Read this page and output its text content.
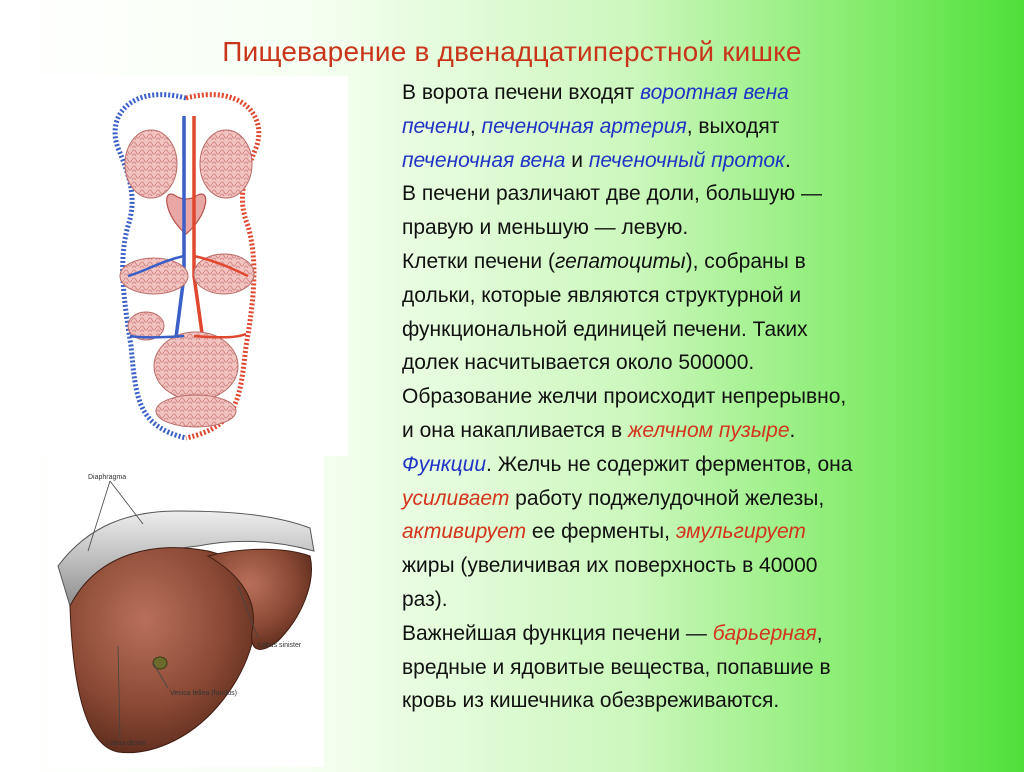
Пищеварение в двенадцатиперстной кишке
Diaphragma
Lobus sinister
Vesica fellea (fundus)
Lobus dexter

В ворота печени входят воротная вена

печени, печеночная артерия, выходят

печеночная вена и печеночный проток.

В печени различают две доли, большую —

правую и меньшую — левую.

Клетки печени (гепатоциты), собраны в

дольки, которые являются структурной и

функциональной единицей печени. Таких

долек насчитывается около 500000.

Образование желчи происходит непрерывно,

и она накапливается в желчном пузыре.

Функции. Желчь не содержит ферментов, она

усиливает работу поджелудочной железы,

активирует ее ферменты, эмульгирует

жиры (увеличивая их поверхность в 40000

раз).

Важнейшая функция печени — барьерная,

вредные и ядовитые вещества, попавшие в

кровь из кишечника обезвреживаются.
